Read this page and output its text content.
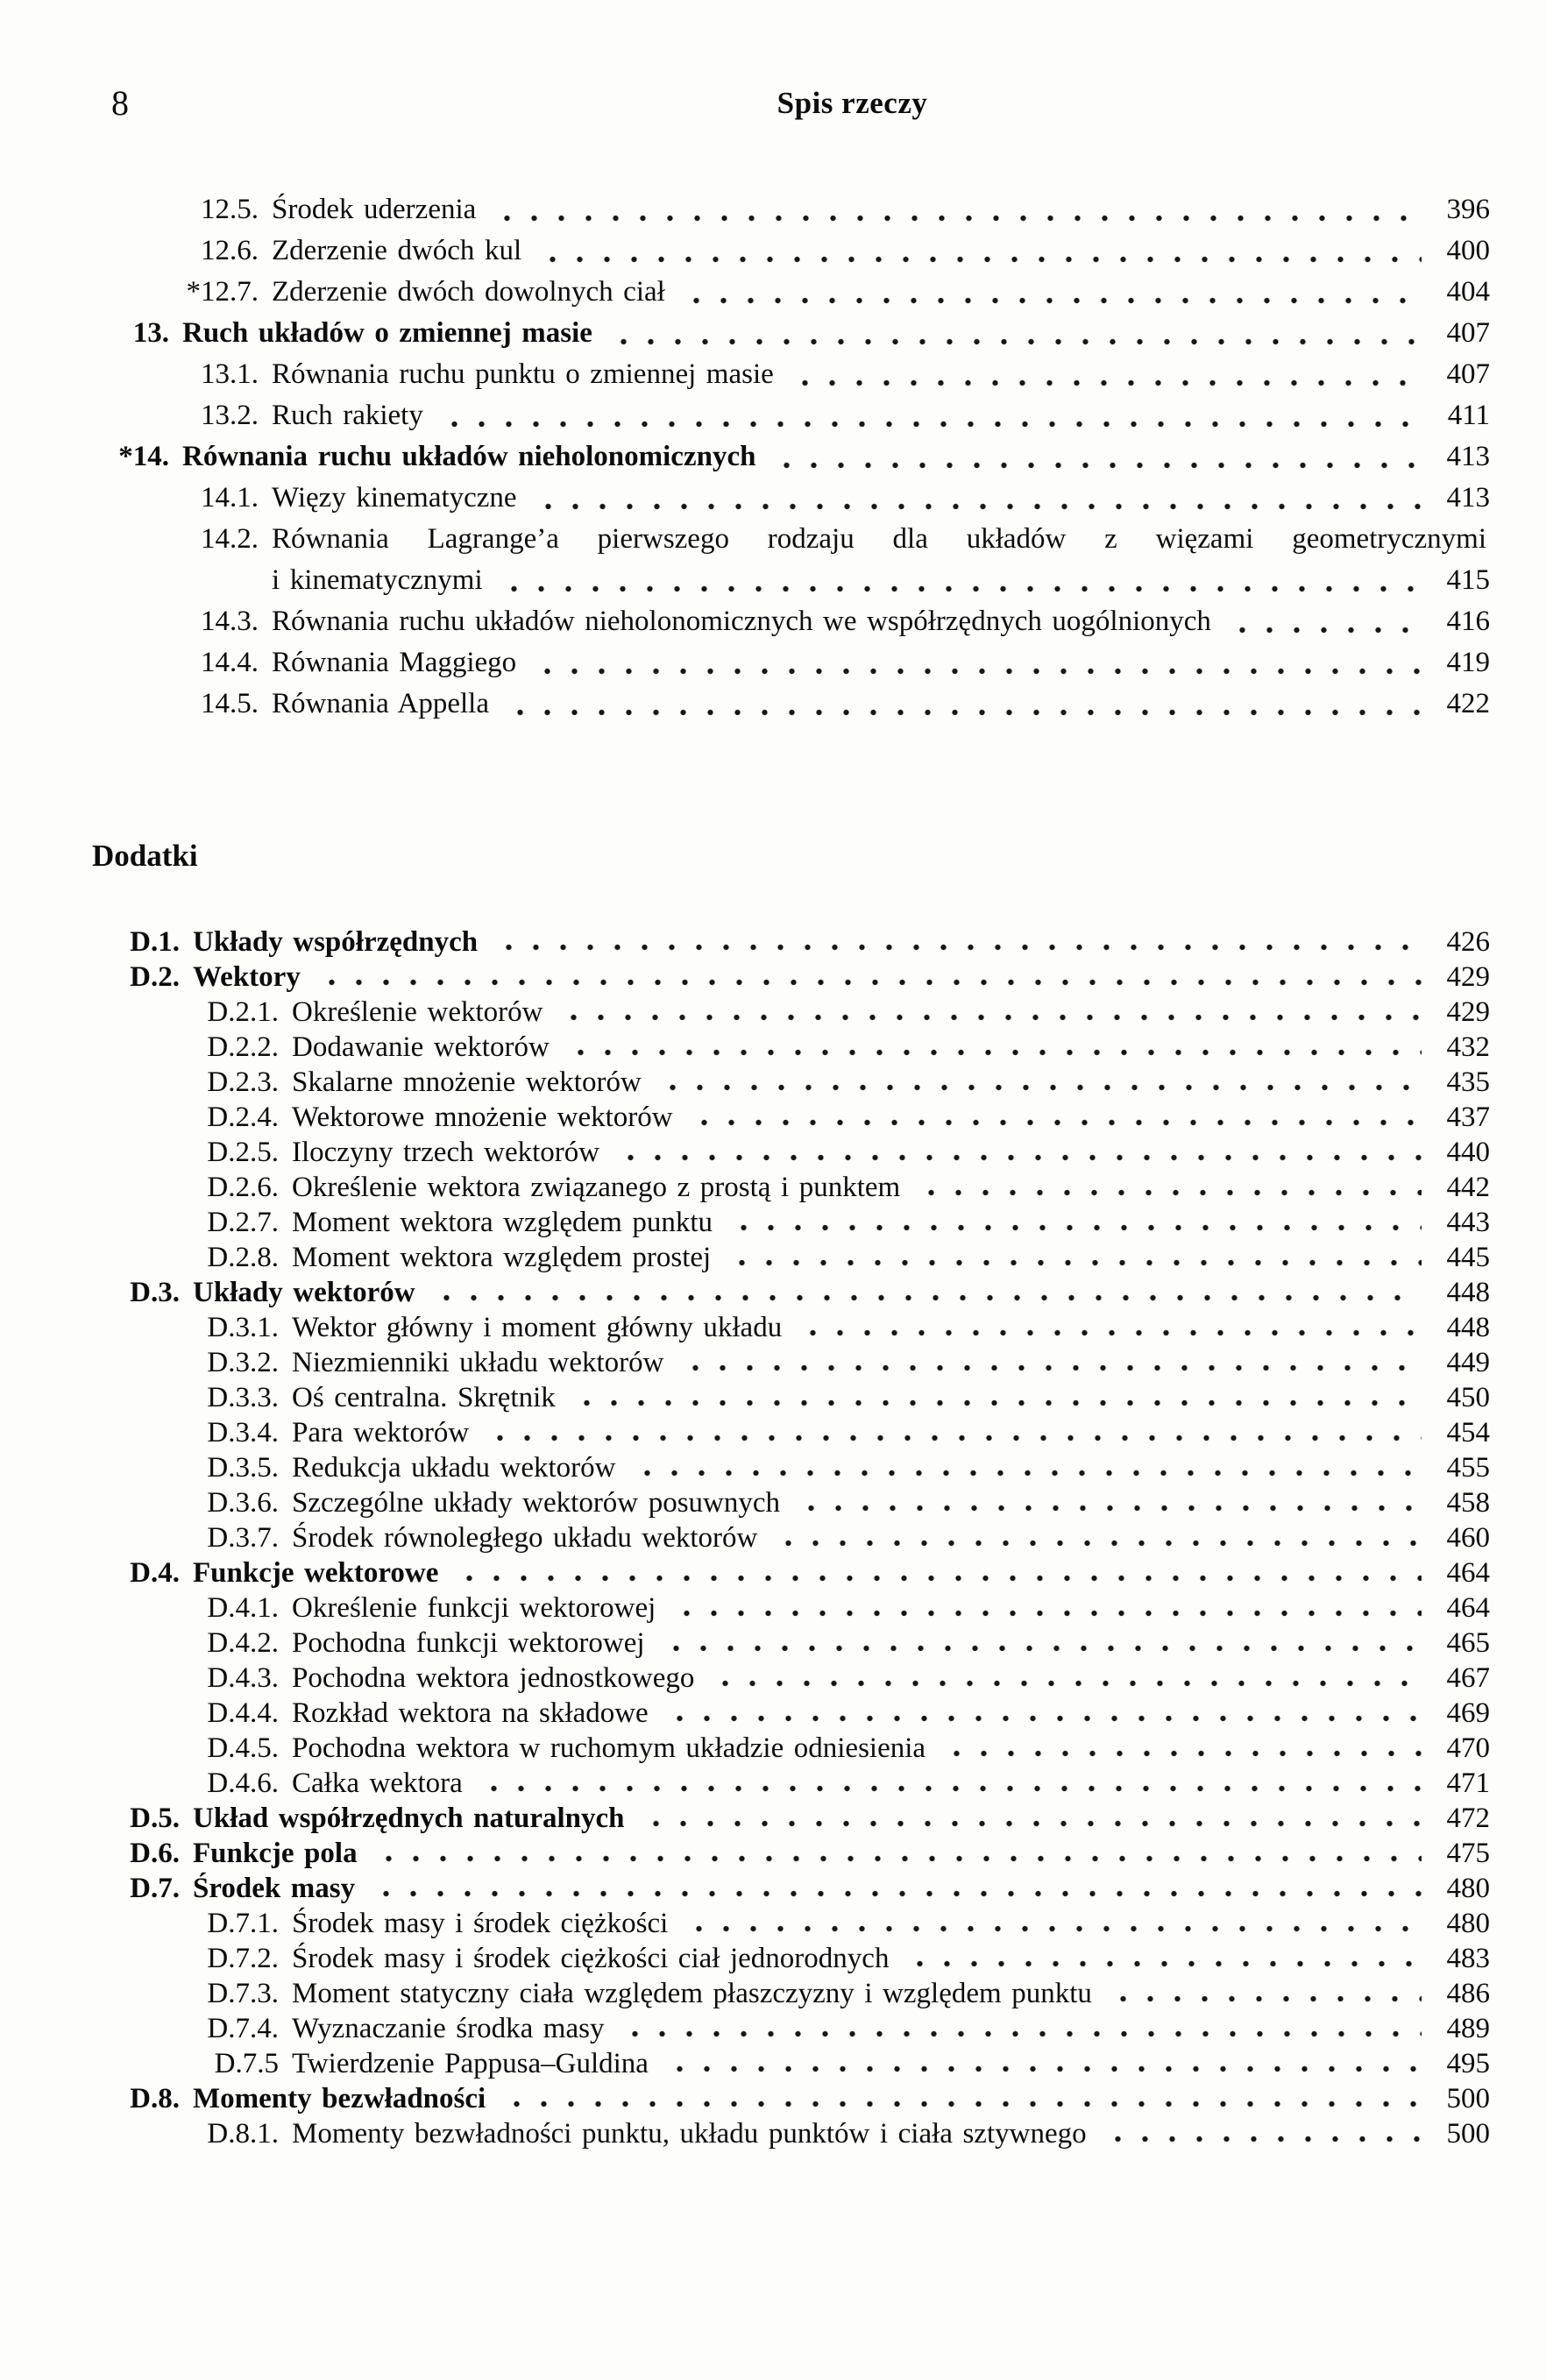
8	Spis rzeczy
12.5. Środek uderzenia	396
12.6. Zderzenie dwóch kul	400
*12.7. Zderzenie dwóch dowolnych ciał	404
13. Ruch układów o zmiennej masie	407
13.1. Równania ruchu punktu o zmiennej masie	407
13.2. Ruch rakiety	411
*14. Równania ruchu układów nieholonomicznych	413
14.1. Więzy kinematyczne	413
14.2. Równania Lagrange’a pierwszego rodzaju dla układów z więzami geometrycznymi
i kinematycznymi	415
14.3. Równania ruchu układów nieholonomicznych we współrzędnych uogólnionych	416
14.4. Równania Maggiego	419
14.5. Równania Appella	422
Dodatki
D.1. Układy współrzędnych	426
D.2. Wektory	429
D.2.1. Określenie wektorów	429
D.2.2. Dodawanie wektorów	432
D.2.3. Skalarne mnożenie wektorów	435
D.2.4. Wektorowe mnożenie wektorów	437
D.2.5. Iloczyny trzech wektorów	440
D.2.6. Określenie wektora związanego z prostą i punktem	442
D.2.7. Moment wektora względem punktu	443
D.2.8. Moment wektora względem prostej	445
D.3. Układy wektorów	448
D.3.1. Wektor główny i moment główny układu	448
D.3.2. Niezmienniki układu wektorów	449
D.3.3. Oś centralna. Skrętnik	450
D.3.4. Para wektorów	454
D.3.5. Redukcja układu wektorów	455
D.3.6. Szczególne układy wektorów posuwnych	458
D.3.7. Środek równoległego układu wektorów	460
D.4. Funkcje wektorowe	464
D.4.1. Określenie funkcji wektorowej	464
D.4.2. Pochodna funkcji wektorowej	465
D.4.3. Pochodna wektora jednostkowego	467
D.4.4. Rozkład wektora na składowe	469
D.4.5. Pochodna wektora w ruchomym układzie odniesienia	470
D.4.6. Całka wektora	471
D.5. Układ współrzędnych naturalnych	472
D.6. Funkcje pola	475
D.7. Środek masy	480
D.7.1. Środek masy i środek ciężkości	480
D.7.2. Środek masy i środek ciężkości ciał jednorodnych	483
D.7.3. Moment statyczny ciała względem płaszczyzny i względem punktu	486
D.7.4. Wyznaczanie środka masy	489
D.7.5 Twierdzenie Pappusa–Guldina	495
D.8. Momenty bezwładności	500
D.8.1. Momenty bezwładności punktu, układu punktów i ciała sztywnego	500
